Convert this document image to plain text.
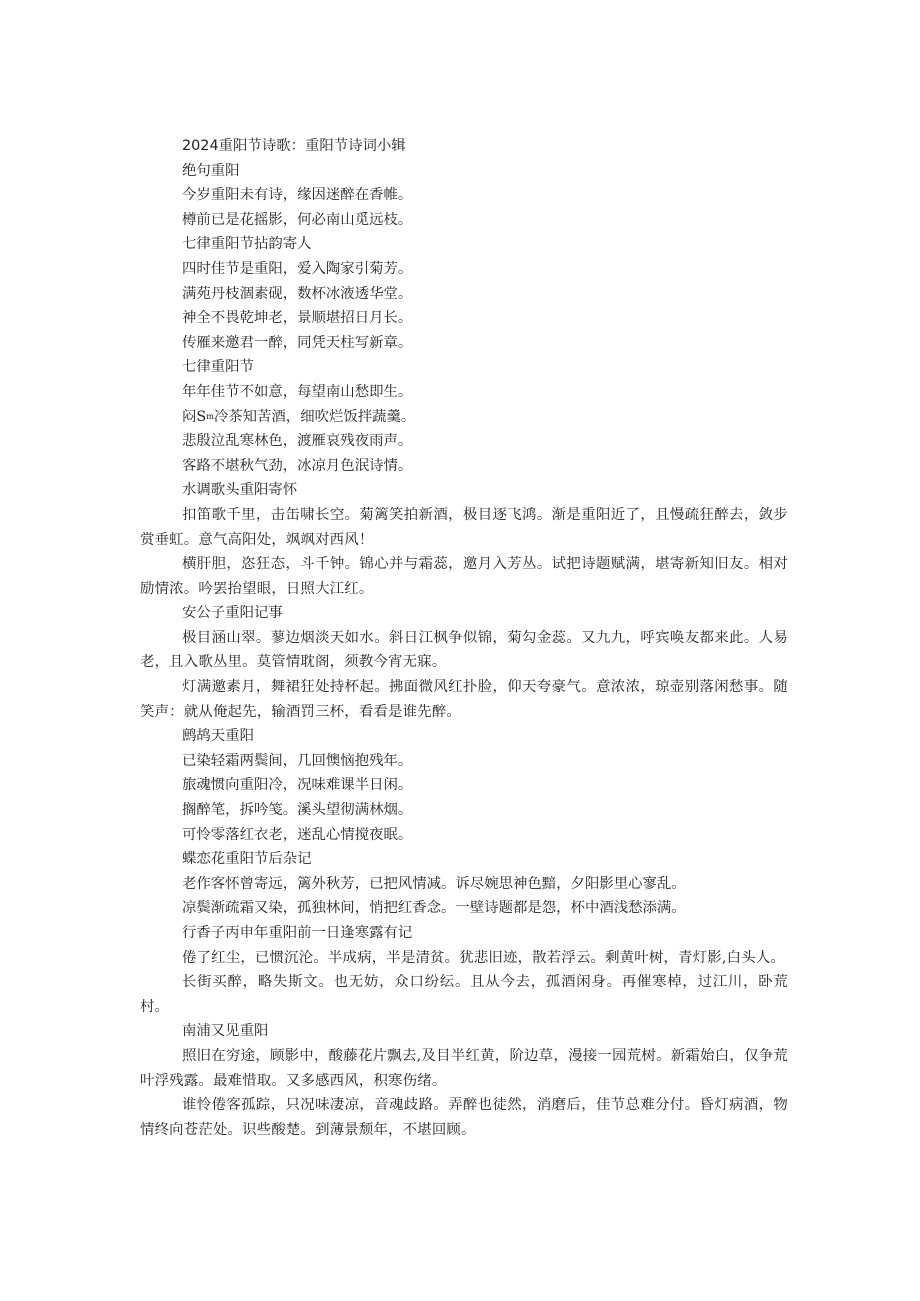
2024重阳节诗歌：重阳节诗词小辑
绝句重阳
今岁重阳未有诗，缘因迷醉在香帷。
樽前已是花摇影，何必南山觅远枝。
七律重阳节拈韵寄人
四时佳节是重阳，爱入陶家引菊芳。
满苑丹枝涸素砚，数杯冰液透华堂。
神全不畏乾坤老，景顺堪招日月长。
传雁来邀君一醉，同凭天柱写新章。
七律重阳节
年年佳节不如意，每望南山愁即生。
闷$S^m$冷茶知苦酒，细吹烂饭拌蔬羹。
悲殷泣乱寒林色，渡雁哀残夜雨声。
客路不堪秋气劲，冰凉月色泯诗情。
水调歌头重阳寄怀
扣笛歌千里，击缶啸长空。菊篱笑拍新酒，极目逐飞鸿。渐是重阳近了，且慢疏狂醉去，敛步赏垂虹。意气高阳处，飒飒对西风！
横肝胆，恣狂态，斗千钟。锦心并与霜蕊，邀月入芳丛。试把诗题赋满，堪寄新知旧友。相对励情浓。吟罢抬望眼，日照大江红。
安公子重阳记事
极目涵山翠。蓼边烟淡天如水。斜日江枫争似锦，菊勾金蕊。又九九，呼宾唤友都来此。人易老，且入歌丛里。莫管情耽阁，须教今宵无寐。
灯满邀素月，舞裙狂处持杯起。拂面微风红扑脸，仰天夸豪气。意浓浓，琼壶别落闲愁事。随笑声：就从俺起先，输酒罚三杯，看看是谁先醉。
鹧鸪天重阳
已染轻霜两鬓间，几回懊恼抱残年。
旅魂惯向重阳冷，况味难课半日闲。
搁醉笔，拆吟笺。溪头望彻满林烟。
可怜零落红衣老，迷乱心情搅夜眠。
蝶恋花重阳节后杂记
老作客怀曾寄远，篱外秋芳，已把风情减。诉尽婉思神色黯，夕阳影里心寥乱。
凉鬓渐疏霜又染，孤独林间，悄把红香念。一壁诗题都是怨，杯中酒浅愁添满。
行香子丙申年重阳前一日逢寒露有记
倦了红尘，已惯沉沦。半成病，半是清贫。犹悲旧迹，散若浮云。剩黄叶树，青灯影,白头人。
长街买醉，略失斯文。也无妨，众口纷纭。且从今去，孤酒闲身。再催寒棹，过江川，卧荒村。
南浦又见重阳
照旧在穷途，顾影中，酸藤花片飘去,及目半红黄，阶边草，漫接一园荒树。新霜始白，仅争荒叶浮残露。最难惜取。又多感西风，积寒伤绪。
谁怜倦客孤踪，只况味凄凉，音魂歧路。弄醉也徒然，消磨后，佳节总难分付。昏灯病酒，物情终向苍茫处。识些酸楚。到薄景颓年，不堪回顾。
